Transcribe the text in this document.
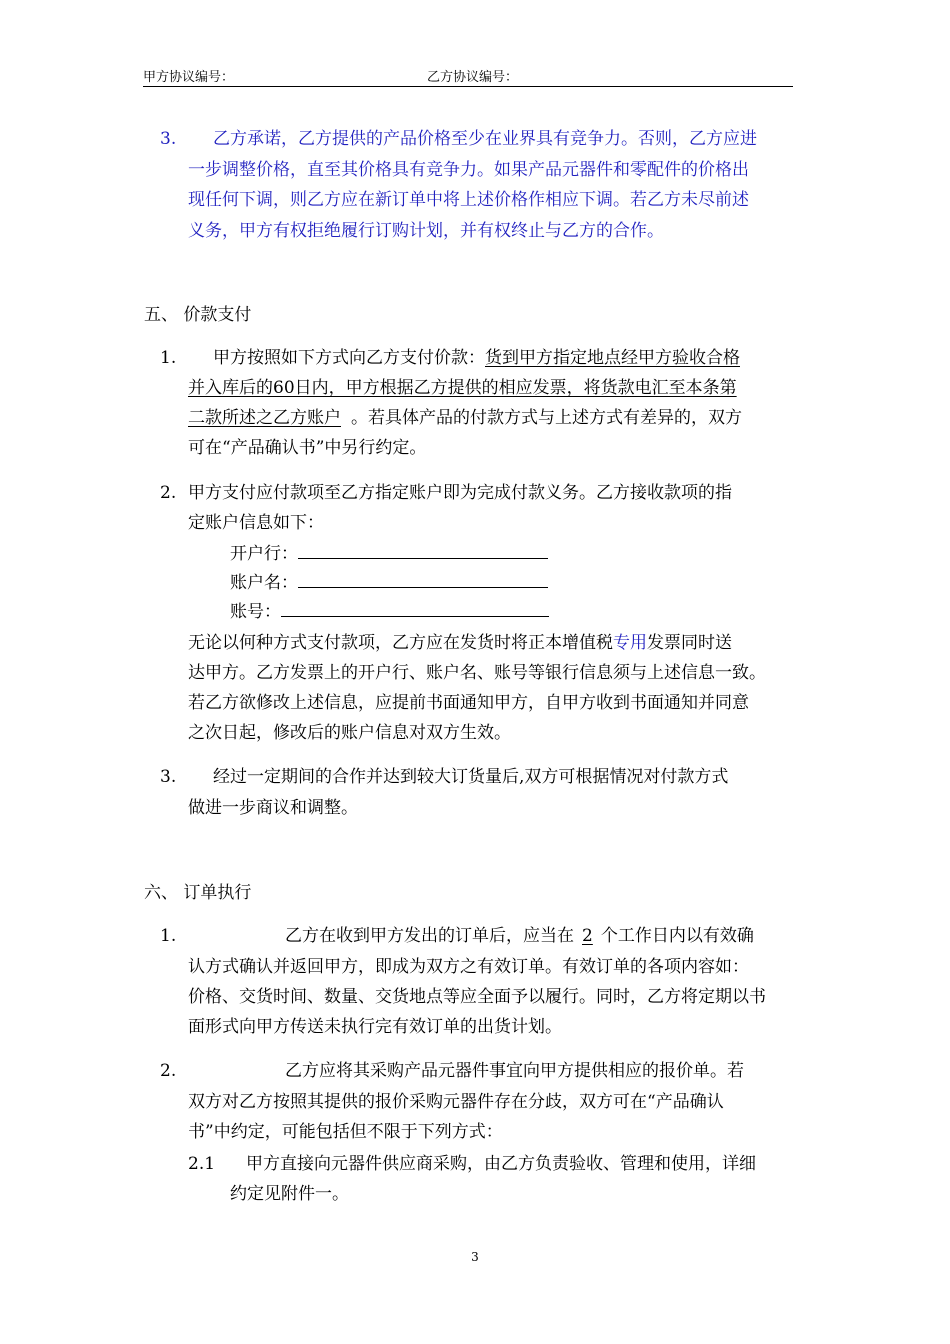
甲方协议编号：	乙方协议编号：
3. 乙方承诺，乙方提供的产品价格至少在业界具有竞争力。否则，乙方应进
一步调整价格，直至其价格具有竞争力。如果产品元器件和零配件的价格出
现任何下调，则乙方应在新订单中将上述价格作相应下调。若乙方未尽前述
义务，甲方有权拒绝履行订购计划，并有权终止与乙方的合作。
五、 价款支付
1. 甲方按照如下方式向乙方支付价款：货到甲方指定地点经甲方验收合格
并入库后的60日内，甲方根据乙方提供的相应发票，将货款电汇至本条第
二款所述之乙方账户 。若具体产品的付款方式与上述方式有差异的，双方
可在“产品确认书”中另行约定。
2. 甲方支付应付款项至乙方指定账户即为完成付款义务。乙方接收款项的指
定账户信息如下：
开户行：
账户名：
账号：
无论以何种方式支付款项，乙方应在发货时将正本增值税专用发票同时送
达甲方。乙方发票上的开户行、账户名、账号等银行信息须与上述信息一致。
若乙方欲修改上述信息，应提前书面通知甲方，自甲方收到书面通知并同意
之次日起，修改后的账户信息对双方生效。
3. 经过一定期间的合作并达到较大订货量后,双方可根据情况对付款方式
做进一步商议和调整。
六、 订单执行
1.	乙方在收到甲方发出的订单后，应当在 2 个工作日内以有效确
认方式确认并返回甲方，即成为双方之有效订单。有效订单的各项内容如：
价格、交货时间、数量、交货地点等应全面予以履行。同时，乙方将定期以书
面形式向甲方传送未执行完有效订单的出货计划。
2.	乙方应将其采购产品元器件事宜向甲方提供相应的报价单。若
双方对乙方按照其提供的报价采购元器件存在分歧，双方可在“产品确认
书”中约定，可能包括但不限于下列方式：
2.1 甲方直接向元器件供应商采购，由乙方负责验收、管理和使用，详细
约定见附件一。
3
